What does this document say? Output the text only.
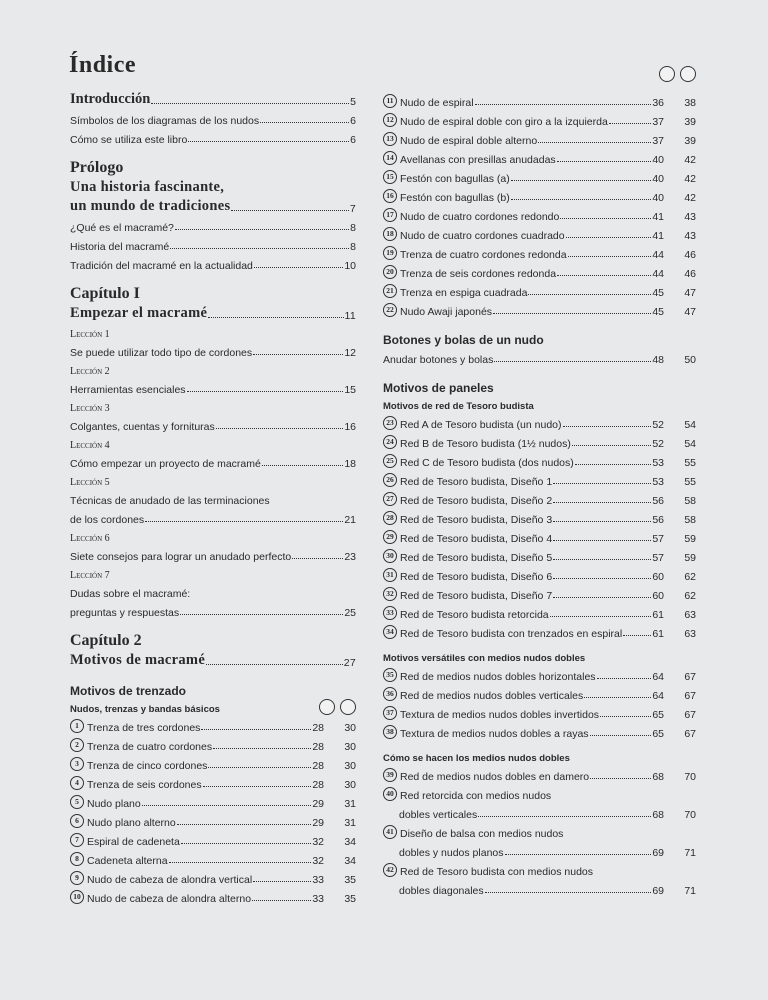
Índice
Introducción	5
Símbolos de los diagramas de los nudos	6
Cómo se utiliza este libro	6
Prólogo
Una historia fascinante,
un mundo de tradiciones	7
¿Qué es el macramé?	8
Historia del macramé	8
Tradición del macramé en la actualidad	10
Capítulo I
Empezar el macramé	11
Lección 1
Se puede utilizar todo tipo de cordones	12
Lección 2
Herramientas esenciales	15
Lección 3
Colgantes, cuentas y fornituras	16
Lección 4
Cómo empezar un proyecto de macramé	18
Lección 5
Técnicas de anudado de las terminaciones
de los cordones	21
Lección 6
Siete consejos para lograr un anudado perfecto	23
Lección 7
Dudas sobre el macramé:
preguntas y respuestas	25
Capítulo 2
Motivos de macramé	27
Motivos de trenzado
Nudos, trenzas y bandas básicos
1 Trenza de tres cordones	28	30
2 Trenza de cuatro cordones	28	30
3 Trenza de cinco cordones	28	30
4 Trenza de seis cordones	28	30
5 Nudo plano	29	31
6 Nudo plano alterno	29	31
7 Espiral de cadeneta	32	34
8 Cadeneta alterna	32	34
9 Nudo de cabeza de alondra vertical	33	35
10 Nudo de cabeza de alondra alterno	33	35
11 Nudo de espiral	36	38
12 Nudo de espiral doble con giro a la izquierda	37	39
13 Nudo de espiral doble alterno	37	39
14 Avellanas con presillas anudadas	40	42
15 Festón con bagullas (a)	40	42
16 Festón con bagullas (b)	40	42
17 Nudo de cuatro cordones redondo	41	43
18 Nudo de cuatro cordones cuadrado	41	43
19 Trenza de cuatro cordones redonda	44	46
20 Trenza de seis cordones redonda	44	46
21 Trenza en espiga cuadrada	45	47
22 Nudo Awaji japonés	45	47
Botones y bolas de un nudo
Anudar botones y bolas	48	50
Motivos de paneles
Motivos de red de Tesoro budista
23 Red A de Tesoro budista (un nudo)	52	54
24 Red B de Tesoro budista (1½ nudos)	52	54
25 Red C de Tesoro budista (dos nudos)	53	55
26 Red de Tesoro budista, Diseño 1	53	55
27 Red de Tesoro budista, Diseño 2	56	58
28 Red de Tesoro budista, Diseño 3	56	58
29 Red de Tesoro budista, Diseño 4	57	59
30 Red de Tesoro budista, Diseño 5	57	59
31 Red de Tesoro budista, Diseño 6	60	62
32 Red de Tesoro budista, Diseño 7	60	62
33 Red de Tesoro budista retorcida	61	63
34 Red de Tesoro budista con trenzados en espiral	61	63
Motivos versátiles con medios nudos dobles
35 Red de medios nudos dobles horizontales	64	67
36 Red de medios nudos dobles verticales	64	67
37 Textura de medios nudos dobles invertidos	65	67
38 Textura de medios nudos dobles a rayas	65	67
Cómo se hacen los medios nudos dobles
39 Red de medios nudos dobles en damero	68	70
40 Red retorcida con medios nudos
dobles verticales	68	70
41 Diseño de balsa con medios nudos
dobles y nudos planos	69	71
42 Red de Tesoro budista con medios nudos
dobles diagonales	69	71
